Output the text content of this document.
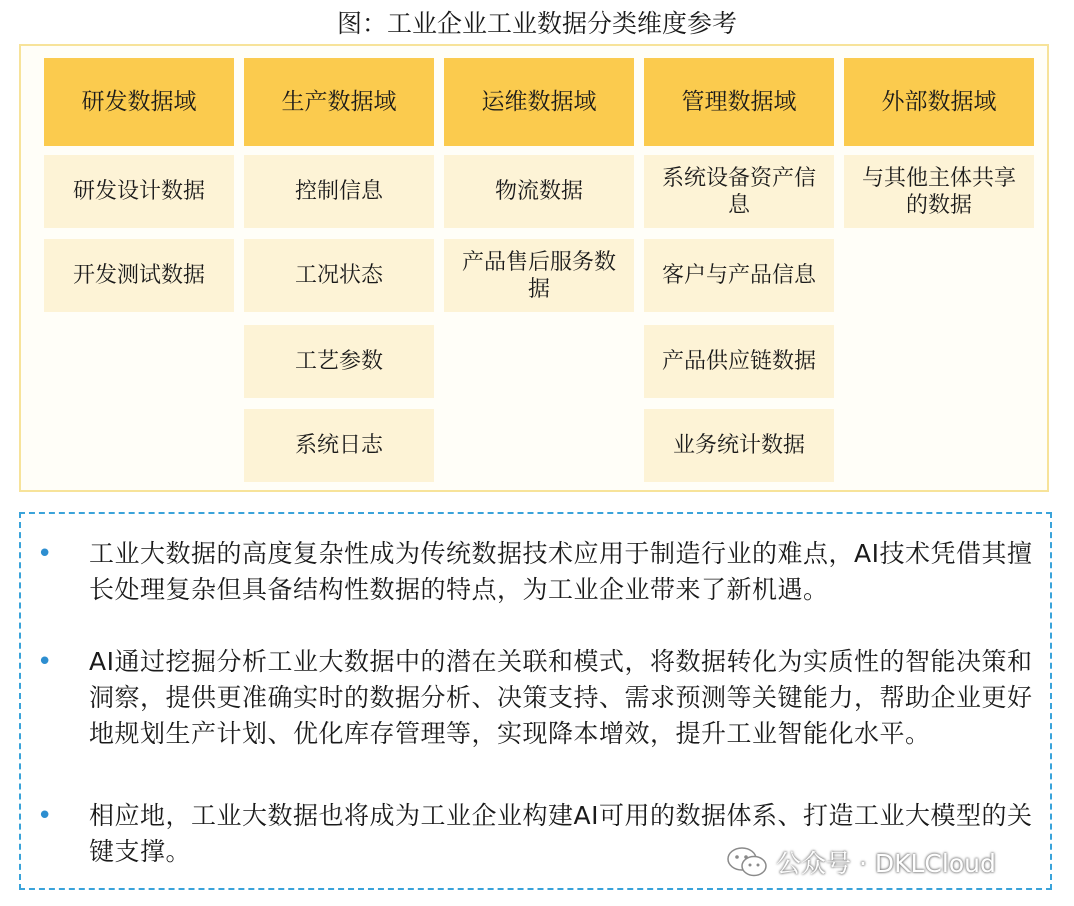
图：工业企业工业数据分类维度参考
研发数据域
研发设计数据
开发测试数据
生产数据域
控制信息
工况状态
工艺参数
系统日志
运维数据域
物流数据
产品售后服务数据
管理数据域
系统设备资产信息
客户与产品信息
产品供应链数据
业务统计数据
外部数据域
与其他主体共享的数据
• 工业大数据的高度复杂性成为传统数据技术应用于制造行业的难点，AI技术凭借其擅长处理复杂但具备结构性数据的特点，为工业企业带来了新机遇。
• AI通过挖掘分析工业大数据中的潜在关联和模式，将数据转化为实质性的智能决策和洞察，提供更准确实时的数据分析、决策支持、需求预测等关键能力，帮助企业更好地规划生产计划、优化库存管理等，实现降本增效，提升工业智能化水平。
• 相应地，工业大数据也将成为工业企业构建AI可用的数据体系、打造工业大模型的关键支撑。	公众号 · DKLCloud
